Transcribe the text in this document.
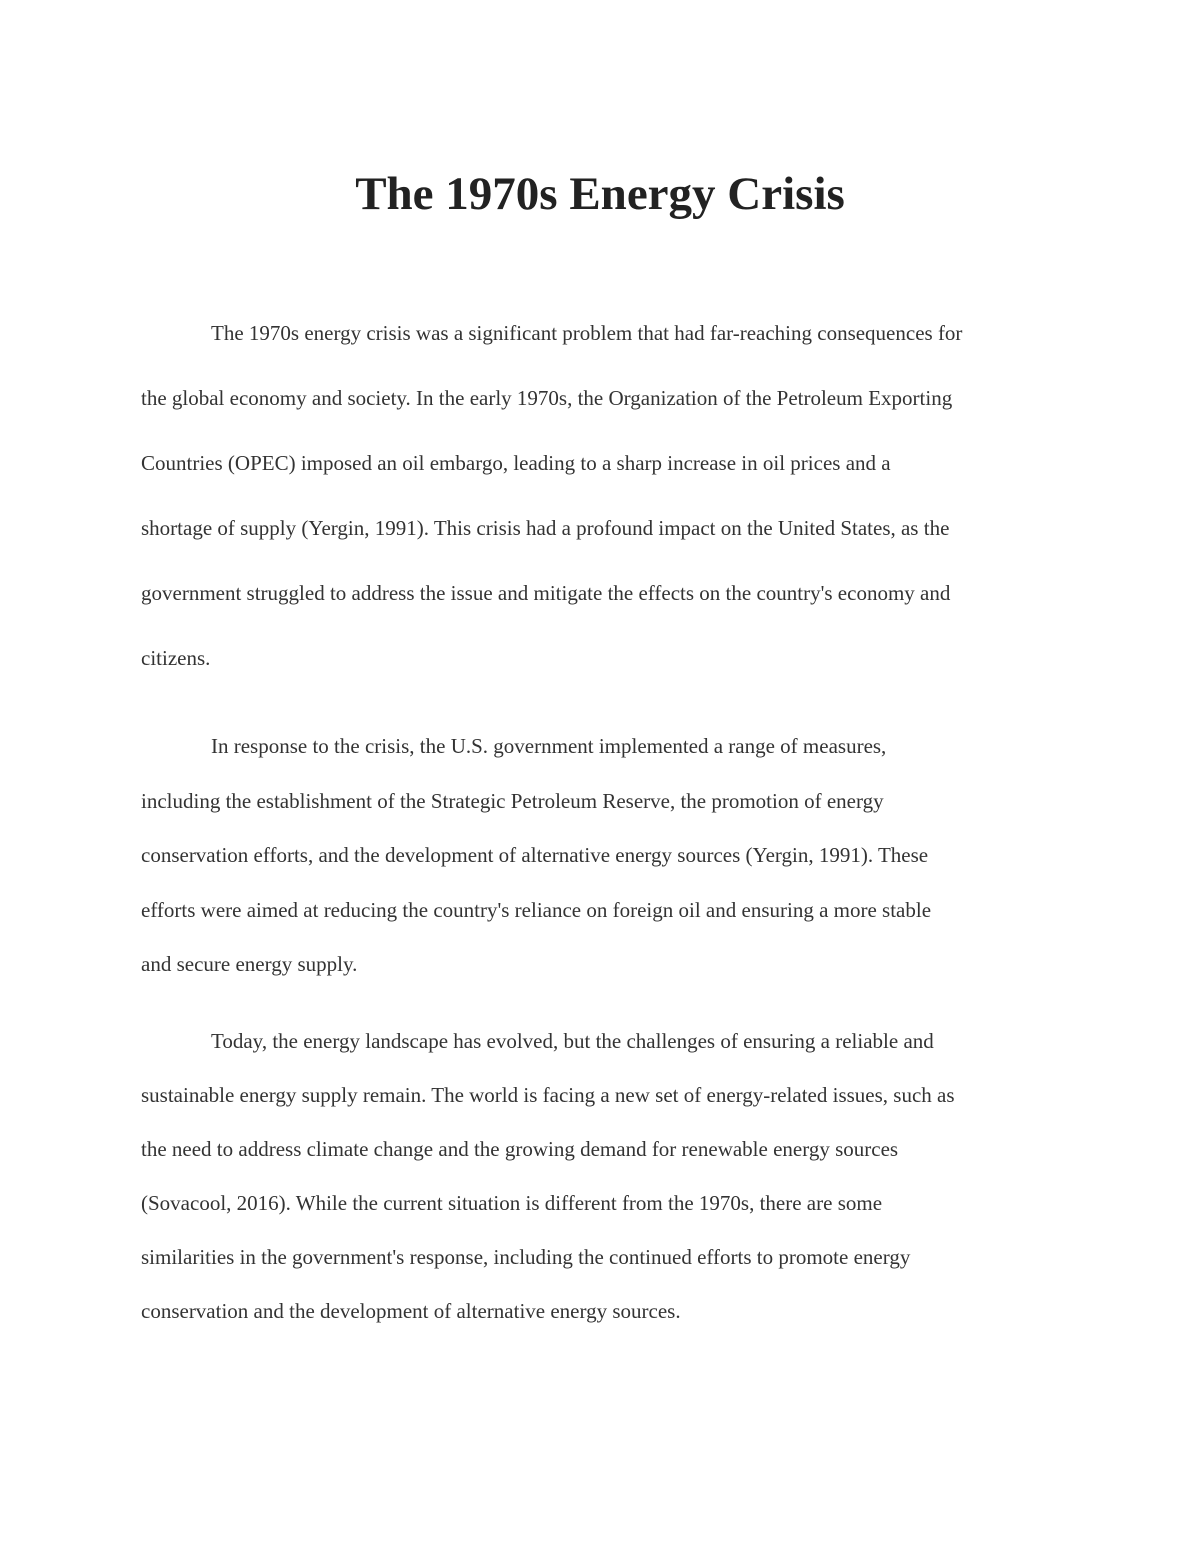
The 1970s Energy Crisis
The 1970s energy crisis was a significant problem that had far-reaching consequences for
the global economy and society. In the early 1970s, the Organization of the Petroleum Exporting
Countries (OPEC) imposed an oil embargo, leading to a sharp increase in oil prices and a
shortage of supply (Yergin, 1991). This crisis had a profound impact on the United States, as the
government struggled to address the issue and mitigate the effects on the country's economy and
citizens.
In response to the crisis, the U.S. government implemented a range of measures,
including the establishment of the Strategic Petroleum Reserve, the promotion of energy
conservation efforts, and the development of alternative energy sources (Yergin, 1991). These
efforts were aimed at reducing the country's reliance on foreign oil and ensuring a more stable
and secure energy supply.
Today, the energy landscape has evolved, but the challenges of ensuring a reliable and
sustainable energy supply remain. The world is facing a new set of energy-related issues, such as
the need to address climate change and the growing demand for renewable energy sources
(Sovacool, 2016). While the current situation is different from the 1970s, there are some
similarities in the government's response, including the continued efforts to promote energy
conservation and the development of alternative energy sources.
